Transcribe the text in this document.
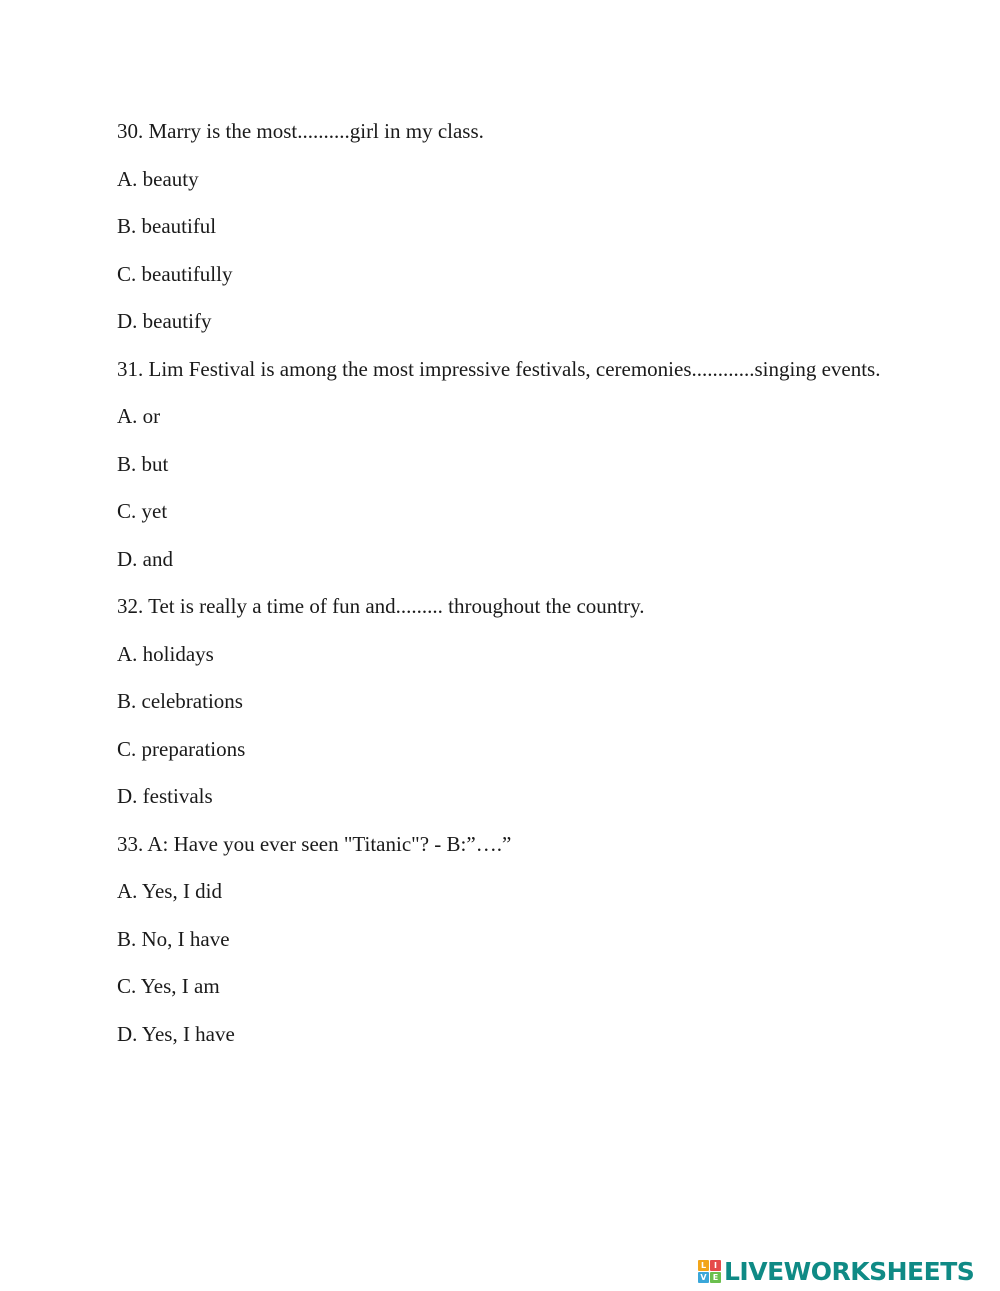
30. Marry is the most..........girl in my class.
A. beauty
B. beautiful
C. beautifully
D. beautify
31. Lim Festival is among the most impressive festivals, ceremonies............singing events.
A. or
B. but
C. yet
D. and
32. Tet is really a time of fun and......... throughout the country.
A. holidays
B. celebrations
C. preparations
D. festivals
33. A: Have you ever seen "Titanic"? - B:”….”
A. Yes, I did
B. No, I have
C. Yes, I am
D. Yes, I have
L I
V E LIVEWORKSHEETS
